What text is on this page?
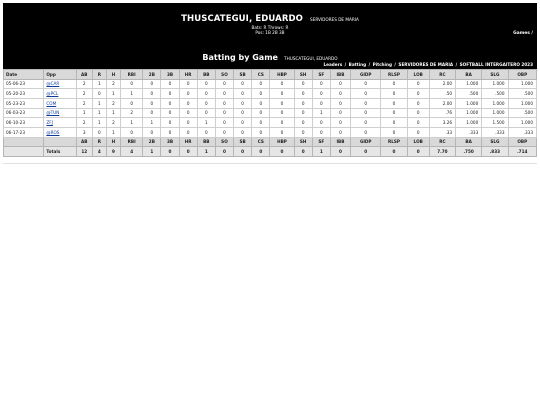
THUSCATEGUI, EDUARDO SERVIDORES DE MARIA
Bats: R Throws: R
Pos: 1B 2B 3B	Games /
Batting by Game THUSCATEGUI, EDUARDO
Leaders / Batting / Pitching / SERVIDORES DE MARIA / SOFTBALL INTERGAITERO 2023
Date	Opp	AB	R	H	RBI	2B	3B	HR	BB	SO	SB	CS	HBP	SH	SF	IBB	GIDP	RLSP	LOB	RC	BA	SLG	OBP
05-06-23	@CAR	2	1	2	0	0	0	0	0	0	0	0	0	0	0	0	0	0	0	2.00	1.000	1.000	1.000
05-20-23	@PCL	2	0	1	1	0	0	0	0	0	0	0	0	0	0	0	0	0	0	.50	.500	.500	.500
05-23-23	COM	2	1	2	0	0	0	0	0	0	0	0	0	0	0	0	0	0	0	2.00	1.000	1.000	1.000
06-03-23	@TUN	1	1	1	2	0	0	0	0	0	0	0	0	0	1	0	0	0	0	.76	1.000	1.000	.500
06-10-23	ZFJ	2	1	2	1	1	0	0	1	0	0	0	0	0	0	0	0	0	0	3.26	1.000	1.500	1.000
06-17-23	@ROS	3	0	1	0	0	0	0	0	0	0	0	0	0	0	0	0	0	0	.33	.333	.333	.333
		AB	R	H	RBI	2B	3B	HR	BB	SO	SB	CS	HBP	SH	SF	IBB	GIDP	RLSP	LOB	RC	BA	SLG	OBP
	Totals	12	4	9	4	1	0	0	1	0	0	0	0	0	1	0	0	0	0	7.70	.750	.833	.714
